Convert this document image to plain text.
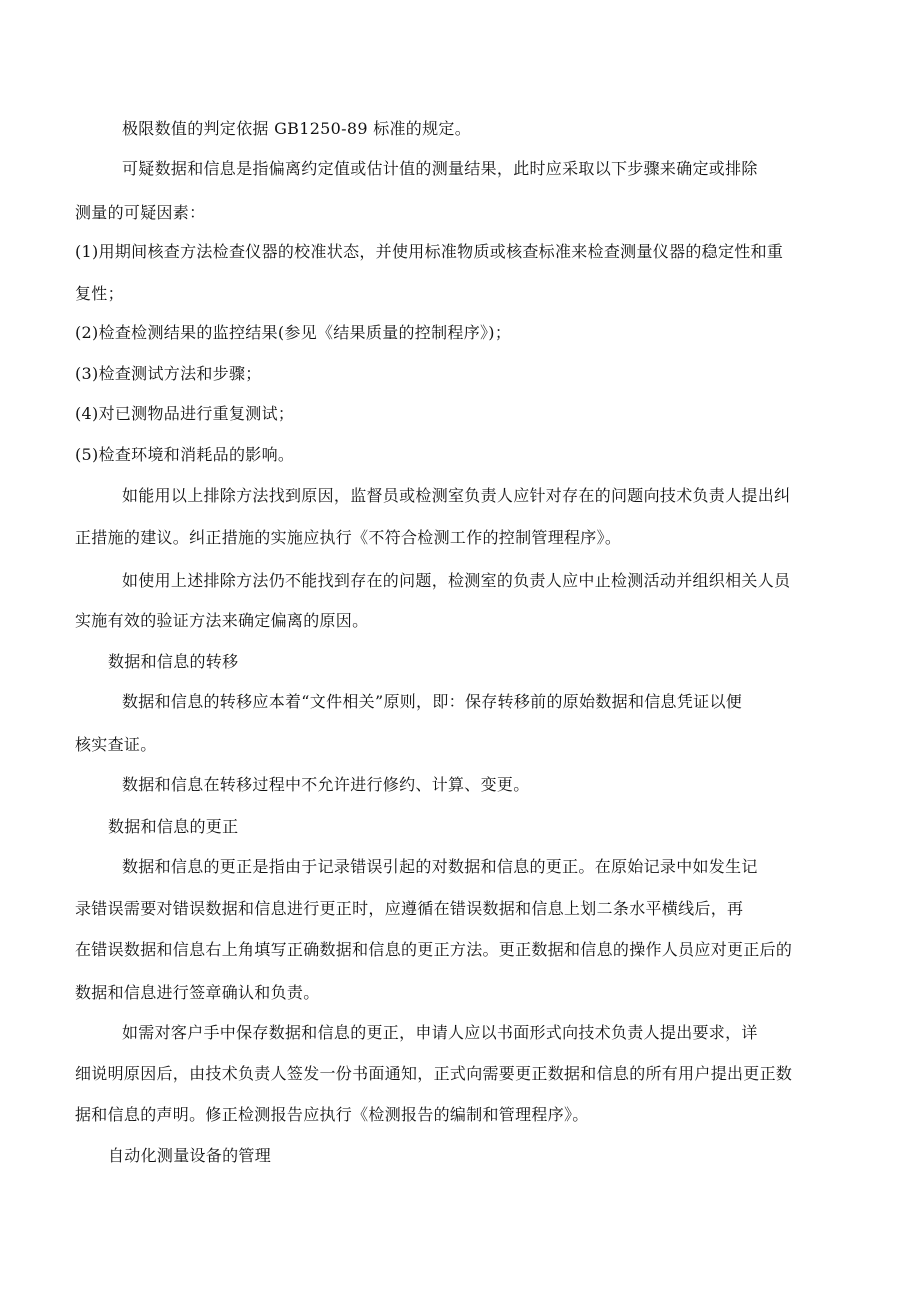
极限数值的判定依据 GB1250-89 标准的规定。
可疑数据和信息是指偏离约定值或估计值的测量结果，此时应采取以下步骤来确定或排除
测量的可疑因素：
(1)用期间核查方法检查仪器的校准状态，并使用标准物质或核查标准来检查测量仪器的稳定性和重
复性；
(2)检查检测结果的监控结果(参见《结果质量的控制程序》)；
(3)检查测试方法和步骤；
(4)对已测物品进行重复测试；
(5)检查环境和消耗品的影响。
如能用以上排除方法找到原因，监督员或检测室负责人应针对存在的问题向技术负责人提出纠
正措施的建议。纠正措施的实施应执行《不符合检测工作的控制管理程序》。
如使用上述排除方法仍不能找到存在的问题，检测室的负责人应中止检测活动并组织相关人员
实施有效的验证方法来确定偏离的原因。
数据和信息的转移
数据和信息的转移应本着“文件相关”原则，即：保存转移前的原始数据和信息凭证以便
核实查证。
数据和信息在转移过程中不允许进行修约、计算、变更。
数据和信息的更正
数据和信息的更正是指由于记录错误引起的对数据和信息的更正。在原始记录中如发生记
录错误需要对错误数据和信息进行更正时，应遵循在错误数据和信息上划二条水平横线后，再
在错误数据和信息右上角填写正确数据和信息的更正方法。更正数据和信息的操作人员应对更正后的
数据和信息进行签章确认和负责。
如需对客户手中保存数据和信息的更正，申请人应以书面形式向技术负责人提出要求，详
细说明原因后，由技术负责人签发一份书面通知，正式向需要更正数据和信息的所有用户提出更正数
据和信息的声明。修正检测报告应执行《检测报告的编制和管理程序》。
自动化测量设备的管理
